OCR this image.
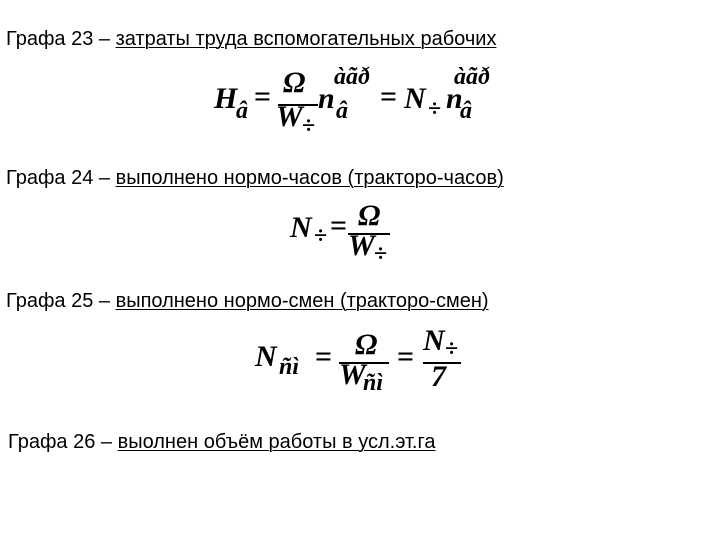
Графа 23 – затраты труда вспомогательных рабочих
H
â = Ω
W ÷
n
àãð
â = N ÷ n
àãð
â
Графа 24 – выполнено нормо-часов (тракторо-часов)
N ÷ = Ω
W ÷
Графа 25 – выполнено нормо-смен (тракторо-смен)
N ñì = Ω
W
ñì
= N ÷
7
Графа 26 – выолнен объём работы в усл.эт.га
